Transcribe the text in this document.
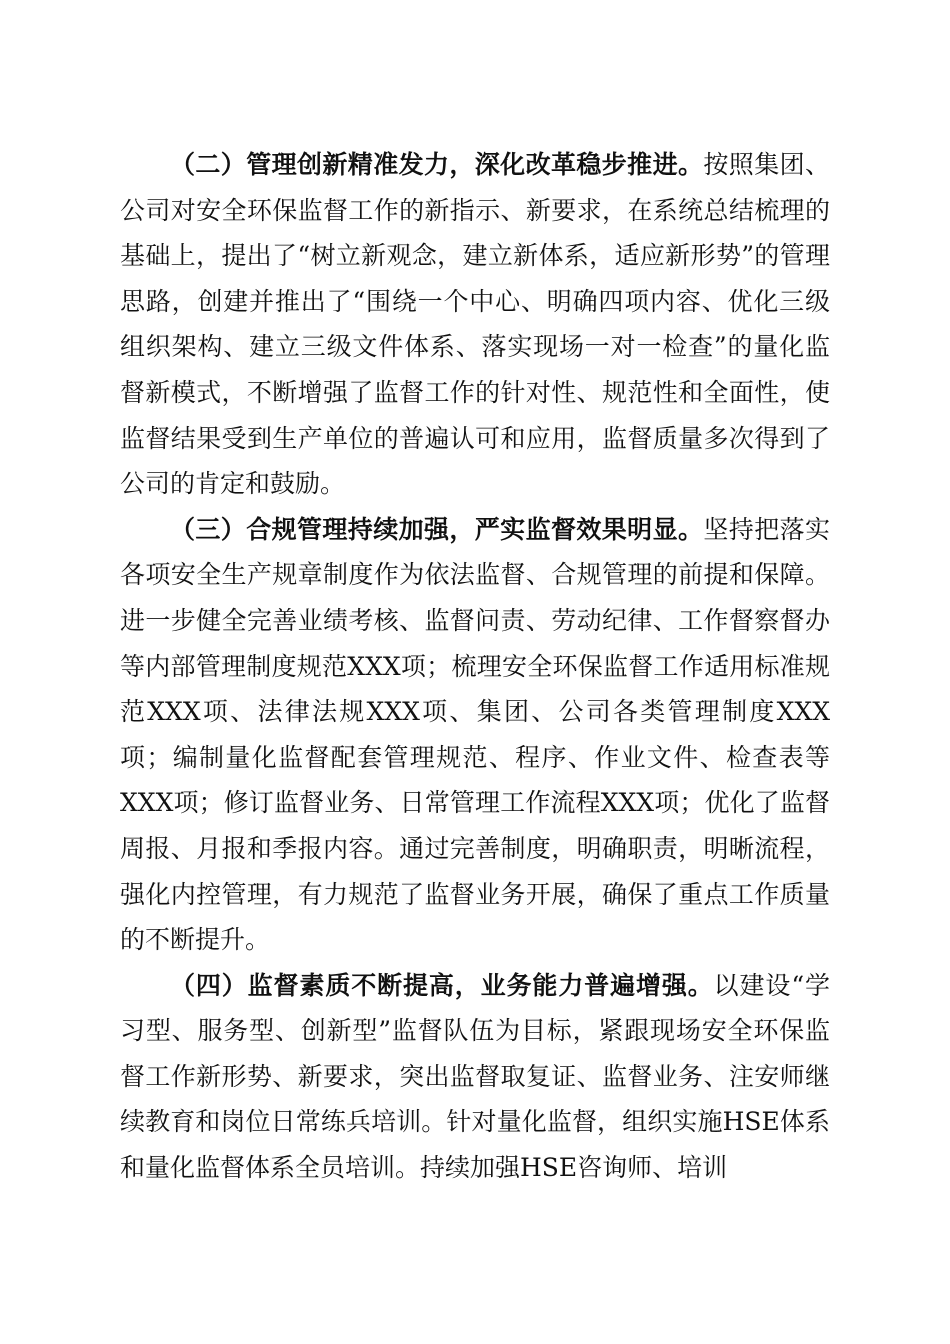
（二）管理创新精准发力，深化改革稳步推进。按照集团、公司对安全环保监督工作的新指示、新要求，在系统总结梳理的基础上，提出了“树立新观念，建立新体系，适应新形势”的管理思路，创建并推出了“围绕一个中心、明确四项内容、优化三级组织架构、建立三级文件体系、落实现场一对一检查”的量化监督新模式，不断增强了监督工作的针对性、规范性和全面性，使监督结果受到生产单位的普遍认可和应用，监督质量多次得到了公司的肯定和鼓励。

（三）合规管理持续加强，严实监督效果明显。坚持把落实各项安全生产规章制度作为依法监督、合规管理的前提和保障。进一步健全完善业绩考核、监督问责、劳动纪律、工作督察督办等内部管理制度规范XXX项；梳理安全环保监督工作适用标准规范XXX项、法律法规XXX项、集团、公司各类管理制度XXX项；编制量化监督配套管理规范、程序、作业文件、检查表等XXX项；修订监督业务、日常管理工作流程XXX项；优化了监督周报、月报和季报内容。通过完善制度，明确职责，明晰流程，强化内控管理，有力规范了监督业务开展，确保了重点工作质量的不断提升。

（四）监督素质不断提高，业务能力普遍增强。以建设“学习型、服务型、创新型”监督队伍为目标，紧跟现场安全环保监督工作新形势、新要求，突出监督取复证、监督业务、注安师继续教育和岗位日常练兵培训。针对量化监督，组织实施HSE体系和量化监督体系全员培训。持续加强HSE咨询师、培训
